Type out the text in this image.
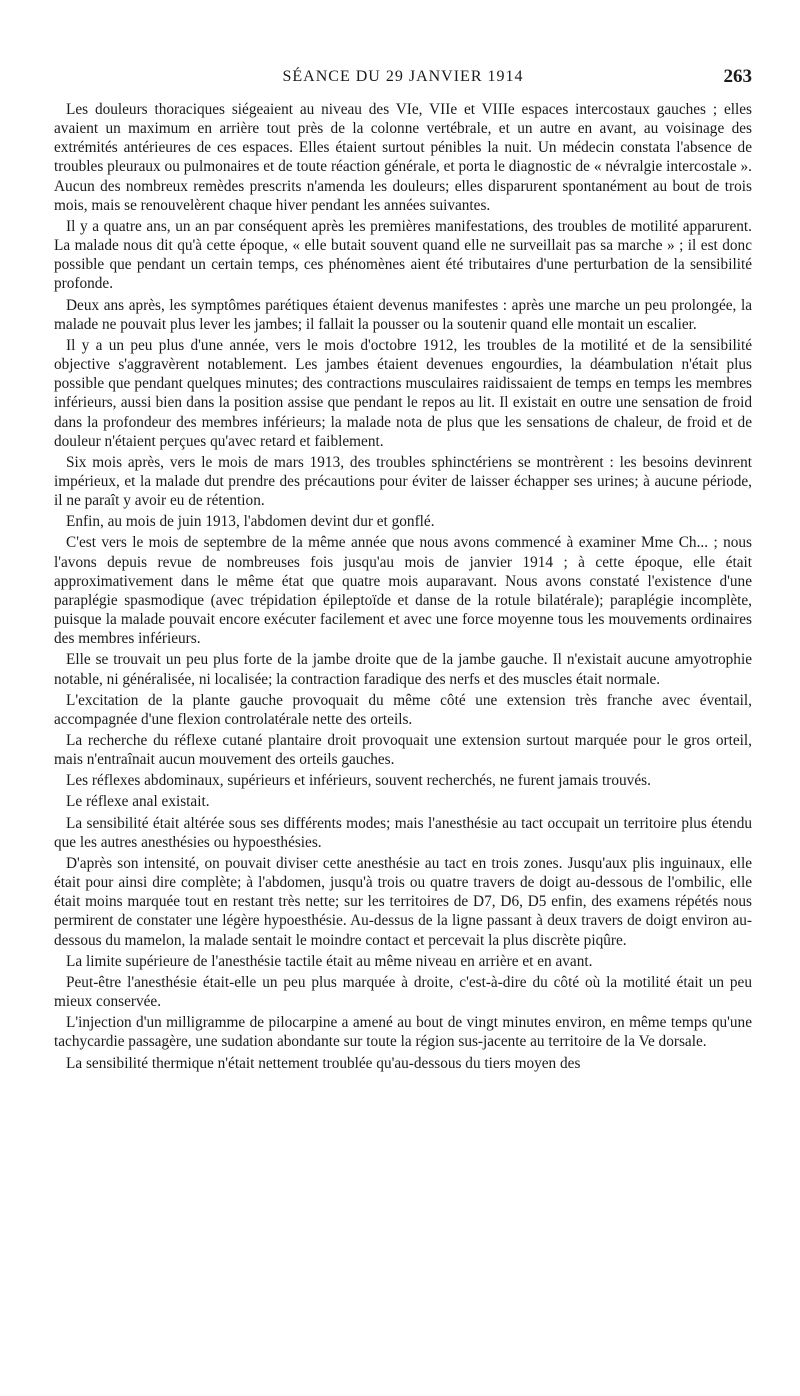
SÉANCE DU 29 JANVIER 1914	263

Les douleurs thoraciques siégeaient au niveau des VIe, VIIe et VIIIe espaces intercostaux gauches ; elles avaient un maximum en arrière tout près de la colonne vertébrale, et un autre en avant, au voisinage des extrémités antérieures de ces espaces. Elles étaient surtout pénibles la nuit. Un médecin constata l'absence de troubles pleuraux ou pulmonaires et de toute réaction générale, et porta le diagnostic de « névralgie intercostale ». Aucun des nombreux remèdes prescrits n'amenda les douleurs; elles disparurent spontanément au bout de trois mois, mais se renouvelèrent chaque hiver pendant les années suivantes.

Il y a quatre ans, un an par conséquent après les premières manifestations, des troubles de motilité apparurent. La malade nous dit qu'à cette époque, « elle butait souvent quand elle ne surveillait pas sa marche » ; il est donc possible que pendant un certain temps, ces phénomènes aient été tributaires d'une perturbation de la sensibilité profonde.

Deux ans après, les symptômes parétiques étaient devenus manifestes : après une marche un peu prolongée, la malade ne pouvait plus lever les jambes; il fallait la pousser ou la soutenir quand elle montait un escalier.

Il y a un peu plus d'une année, vers le mois d'octobre 1912, les troubles de la motilité et de la sensibilité objective s'aggravèrent notablement. Les jambes étaient devenues engourdies, la déambulation n'était plus possible que pendant quelques minutes; des contractions musculaires raidissaient de temps en temps les membres inférieurs, aussi bien dans la position assise que pendant le repos au lit. Il existait en outre une sensation de froid dans la profondeur des membres inférieurs; la malade nota de plus que les sensations de chaleur, de froid et de douleur n'étaient perçues qu'avec retard et faiblement.

Six mois après, vers le mois de mars 1913, des troubles sphinctériens se montrèrent : les besoins devinrent impérieux, et la malade dut prendre des précautions pour éviter de laisser échapper ses urines; à aucune période, il ne paraît y avoir eu de rétention.

Enfin, au mois de juin 1913, l'abdomen devint dur et gonflé.

C'est vers le mois de septembre de la même année que nous avons commencé à examiner Mme Ch... ; nous l'avons depuis revue de nombreuses fois jusqu'au mois de janvier 1914 ; à cette époque, elle était approximativement dans le même état que quatre mois auparavant. Nous avons constaté l'existence d'une paraplégie spasmodique (avec trépidation épileptoïde et danse de la rotule bilatérale); paraplégie incomplète, puisque la malade pouvait encore exécuter facilement et avec une force moyenne tous les mouvements ordinaires des membres inférieurs.

Elle se trouvait un peu plus forte de la jambe droite que de la jambe gauche. Il n'existait aucune amyotrophie notable, ni généralisée, ni localisée; la contraction faradique des nerfs et des muscles était normale.

L'excitation de la plante gauche provoquait du même côté une extension très franche avec éventail, accompagnée d'une flexion controlatérale nette des orteils.

La recherche du réflexe cutané plantaire droit provoquait une extension surtout marquée pour le gros orteil, mais n'entraînait aucun mouvement des orteils gauches.

Les réflexes abdominaux, supérieurs et inférieurs, souvent recherchés, ne furent jamais trouvés.

Le réflexe anal existait.

La sensibilité était altérée sous ses différents modes; mais l'anesthésie au tact occupait un territoire plus étendu que les autres anesthésies ou hypoesthésies.

D'après son intensité, on pouvait diviser cette anesthésie au tact en trois zones. Jusqu'aux plis inguinaux, elle était pour ainsi dire complète; à l'abdomen, jusqu'à trois ou quatre travers de doigt au-dessous de l'ombilic, elle était moins marquée tout en restant très nette; sur les territoires de D7, D6, D5 enfin, des examens répétés nous permirent de constater une légère hypoesthésie. Au-dessus de la ligne passant à deux travers de doigt environ au-dessous du mamelon, la malade sentait le moindre contact et percevait la plus discrète piqûre.

La limite supérieure de l'anesthésie tactile était au même niveau en arrière et en avant.

Peut-être l'anesthésie était-elle un peu plus marquée à droite, c'est-à-dire du côté où la motilité était un peu mieux conservée.

L'injection d'un milligramme de pilocarpine a amené au bout de vingt minutes environ, en même temps qu'une tachycardie passagère, une sudation abondante sur toute la région sus-jacente au territoire de la Ve dorsale.

La sensibilité thermique n'était nettement troublée qu'au-dessous du tiers moyen des
